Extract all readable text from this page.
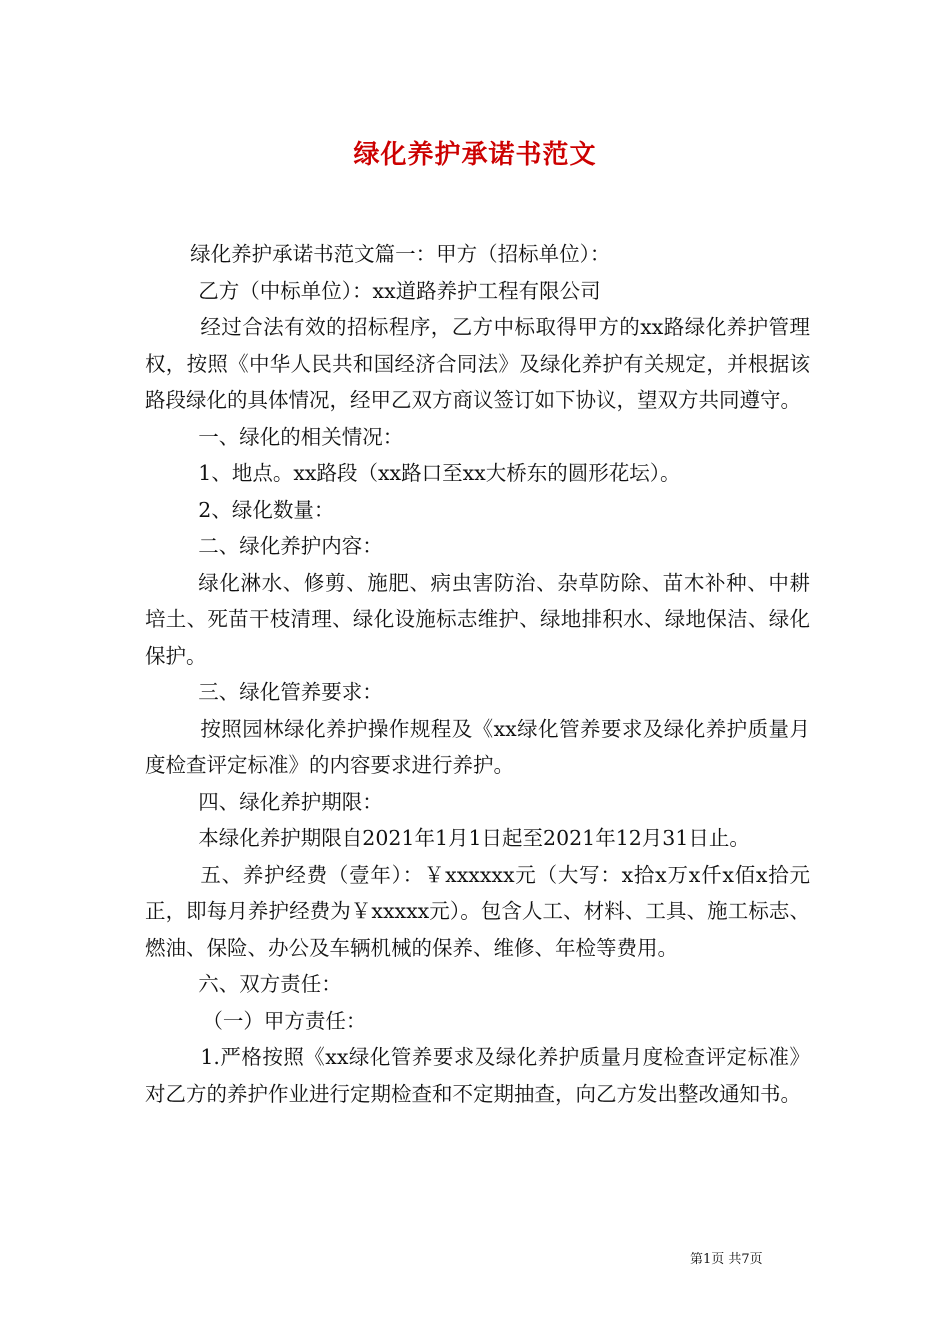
绿化养护承诺书范文

绿化养护承诺书范文篇一：甲方（招标单位）：

乙方（中标单位）：xx道路养护工程有限公司

经过合法有效的招标程序，乙方中标取得甲方的xx路绿化养护管理权，按照《中华人民共和国经济合同法》及绿化养护有关规定，并根据该路段绿化的具体情况，经甲乙双方商议签订如下协议，望双方共同遵守。

一、绿化的相关情况：

1、地点。xx路段（xx路口至xx大桥东的圆形花坛）。

2、绿化数量：

二、绿化养护内容：

绿化淋水、修剪、施肥、病虫害防治、杂草防除、苗木补种、中耕培土、死苗干枝清理、绿化设施标志维护、绿地排积水、绿地保洁、绿化保护。

三、绿化管养要求：

按照园林绿化养护操作规程及《xx绿化管养要求及绿化养护质量月度检查评定标准》的内容要求进行养护。

四、绿化养护期限：

本绿化养护期限自2021年1月1日起至2021年12月31日止。

五、养护经费（壹年）：￥xxxxxx元（大写：x拾x万x仟x佰x拾元正，即每月养护经费为￥xxxxx元）。包含人工、材料、工具、施工标志、燃油、保险、办公及车辆机械的保养、维修、年检等费用。

六、双方责任：

（一）甲方责任：

1.严格按照《xx绿化管养要求及绿化养护质量月度检查评定标准》对乙方的养护作业进行定期检查和不定期抽查，向乙方发出整改通知书。

第1页 共7页
